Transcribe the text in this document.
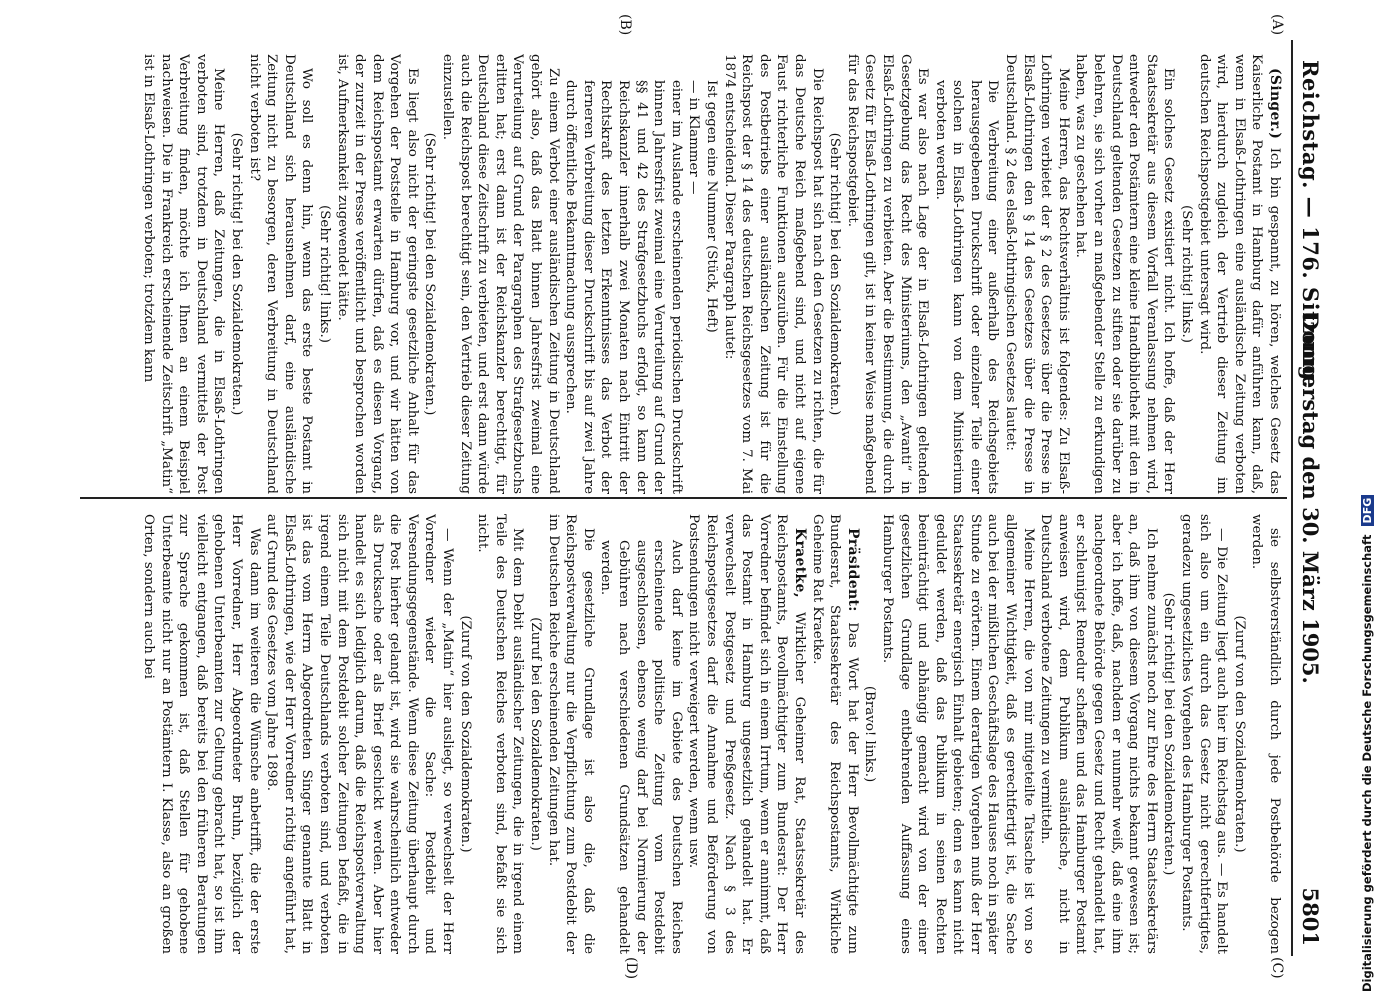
Reichstag. — 176. Sitzung.
Donnerstag den 30. März 1905.
5801
(A)
(B)
(C)
(D)

(Singer.) Ich bin gespannt, zu hören, welches Gesetz das Kaiserliche Postamt in Hamburg dafür anführen kann, daß, wenn in Elsaß-Lothringen eine ausländische Zeitung verboten wird, hierdurch zugleich der Vertrieb dieser Zeitung im deutschen Reichspostgebiet untersagt wird.

(Sehr richtig! links.)

Ein solches Gesetz existiert nicht. Ich hoffe, daß der Herr Staatssekretär aus diesem Vorfall Veranlassung nehmen wird, entweder den Postämtern eine kleine Handbibliothek mit den in Deutschland geltenden Gesetzen zu stiften oder sie darüber zu belehren, sie sich vorher an maßgebender Stelle zu erkundigen haben, was zu geschehen hat.

Meine Herren, das Rechtsverhältnis ist folgendes: Zu Elsaß-Lothringen verbietet der § 2 des Gesetzes über die Presse in Elsaß-Lothringen den § 14 des Gesetzes über die Presse in Deutschland. § 2 des elsaß-lothringischen Gesetzes lautet:

Die Verbreitung einer außerhalb des Reichsgebiets herausgegebenen Druckschrift oder einzelner Teile einer solchen in Elsaß-Lothringen kann von dem Ministerium verboten werden.

Es war also nach Lage der in Elsaß-Lothringen geltenden Gesetzgebung das Recht des Ministeriums, den „Avanti“ in Elsaß-Lothringen zu verbieten. Aber die Bestimmung, die durch Gesetz für Elsaß-Lothringen gilt, ist in keiner Weise maßgebend für das Reichspostgebiet.

(Sehr richtig! bei den Sozialdemokraten.)

Die Reichspost hat sich nach den Gesetzen zu richten, die für das Deutsche Reich maßgebend sind, und nicht auf eigene Faust richterliche Funktionen auszuüben. Für die Einstellung des Postbetriebs einer ausländischen Zeitung ist für die Reichspost der § 14 des deutschen Reichsgesetzes vom 7. Mai 1874 entscheidend. Dieser Paragraph lautet:

Ist gegen eine Nummer (Stück, Heft)

— in Klammer —

einer im Auslande erscheinenden periodischen Druckschrift binnen Jahresfrist zweimal eine Verurteilung auf Grund der §§ 41 und 42 des Strafgesetzbuchs erfolgt, so kann der Reichskanzler innerhalb zwei Monaten nach Eintritt der Rechtskraft des letzten Erkenntnisses das Verbot der ferneren Verbreitung dieser Druckschrift bis auf zwei Jahre durch öffentliche Bekanntmachung aussprechen.

Zu einem Verbot einer ausländischen Zeitung in Deutschland gehört also, daß das Blatt binnen Jahresfrist zweimal eine Verurteilung auf Grund der Paragraphen des Strafgesetzbuchs erlitten hat; erst dann ist der Reichskanzler berechtigt, für Deutschland diese Zeitschrift zu verbieten, und erst dann würde auch die Reichspost berechtigt sein, den Vertrieb dieser Zeitung einzustellen.

(Sehr richtig! bei den Sozialdemokraten.)

Es liegt also nicht der geringste gesetzliche Anhalt für das Vorgehen der Poststelle in Hamburg vor, und wir hätten von dem Reichspostamt erwarten dürfen, daß es diesen Vorgang, der zurzeit in der Presse veröffentlicht und besprochen worden ist, Aufmerksamkeit zugewendet hätte.

(Sehr richtig! links.)

Wo soll es denn hin, wenn das erste beste Postamt in Deutschland sich herausnehmen darf, eine ausländische Zeitung nicht zu besorgen, deren Verbreitung in Deutschland nicht verboten ist?

(Sehr richtig! bei den Sozialdemokraten.)

Meine Herren, daß Zeitungen, die in Elsaß-Lothringen verboten sind, trotzdem in Deutschland vermittels der Post Verbreitung finden, möchte ich Ihnen an einem Beispiel nachweisen. Die in Frankreich erscheinende Zeitschrift „Matin“ ist in Elsaß-Lothringen verboten; trotzdem kann

sie selbstverständlich durch jede Postbehörde bezogen werden.

(Zuruf von den Sozialdemokraten.)

— Die Zeitung liegt auch hier im Reichstag aus. — Es handelt sich also um ein durch das Gesetz nicht gerechtfertigtes, geradezu ungesetzliches Vorgehen des Hamburger Postamts.

(Sehr richtig! bei den Sozialdemokraten.)

Ich nehme zunächst noch zur Ehre des Herrn Staatssekretärs an, daß ihm von diesem Vorgang nichts bekannt gewesen ist; aber ich hoffe, daß, nachdem er nunmehr weiß, daß eine ihm nachgeordnete Behörde gegen Gesetz und Recht gehandelt hat, er schleunigst Remedur schaffen und das Hamburger Postamt anweisen wird, dem Publikum ausländische, nicht in Deutschland verbotene Zeitungen zu vermitteln.

Meine Herren, die von mir mitgeteilte Tatsache ist von so allgemeiner Wichtigkeit, daß es gerechtfertigt ist, die Sache auch bei der mißlichen Geschäftslage des Hauses noch in später Stunde zu erörtern. Einem derartigen Vorgehen muß der Herr Staatssekretär energisch Einhalt gebieten; denn es kann nicht geduldet werden, daß das Publikum in seinen Rechten beeinträchtigt und abhängig gemacht wird von der einer gesetzlichen Grundlage entbehrenden Auffassung eines Hamburger Postamts.

(Bravo! links.)

Präsident: Das Wort hat der Herr Bevollmächtigte zum Bundesrat, Staatssekretär des Reichspostamts, Wirkliche Geheime Rat Kraetke.

Kraetke, Wirklicher Geheimer Rat, Staatssekretär des Reichspostamts, Bevollmächtigter zum Bundesrat: Der Herr Vorredner befindet sich in einem Irrtum, wenn er annimmt, daß das Postamt in Hamburg ungesetzlich gehandelt hat. Er verwechselt Postgesetz und Preßgesetz. Nach § 3 des Reichspostgesetzes darf die Annahme und Beförderung von Postsendungen nicht verweigert werden, wenn usw.

Auch darf keine im Gebiete des Deutschen Reiches erscheinende politische Zeitung vom Postdebit ausgeschlossen, ebenso wenig darf bei Normierung der Gebühren nach verschiedenen Grundsätzen gehandelt werden.

Die gesetzliche Grundlage ist also die, daß die Reichspostverwaltung nur die Verpflichtung zum Postdebit der im Deutschen Reiche erscheinenden Zeitungen hat.

(Zuruf bei den Sozialdemokraten.)

Mit dem Debit ausländischer Zeitungen, die in irgend einem Teile des Deutschen Reiches verboten sind, befaßt sie sich nicht.

(Zuruf von den Sozialdemokraten.)

— Wenn der „Matin“ hier ausliegt, so verwechselt der Herr Vorredner wieder die Sache: Postdebit und Versendungsgegenstände. Wenn diese Zeitung überhaupt durch die Post hierher gelangt ist, wird sie wahrscheinlich entweder als Drucksache oder als Brief geschickt werden. Aber hier handelt es sich lediglich darum, daß die Reichspostverwaltung sich nicht mit dem Postdebit solcher Zeitungen befaßt, die in irgend einem Teile Deutschlands verboten sind, und verboten ist das vom Herrn Abgeordneten Singer genannte Blatt in Elsaß-Lothringen, wie der Herr Vorredner richtig angeführt hat, auf Grund des Gesetzes vom Jahre 1898.

Was dann im weiteren die Wünsche anbetrifft, die der erste Herr Vorredner, Herr Abgeordneter Bruhn, bezüglich der gehobenen Unterbeamten zur Geltung gebracht hat, so ist ihm vielleicht entgangen, daß bereits bei den früheren Beratungen zur Sprache gekommen ist, daß Stellen für gehobene Unterbeamte nicht nur an Postämtern I. Klasse, also an großen Orten, sondern auch bei	Digitalisierung gefördert durch die Deutsche ForschungsgemeinschaftDFG
